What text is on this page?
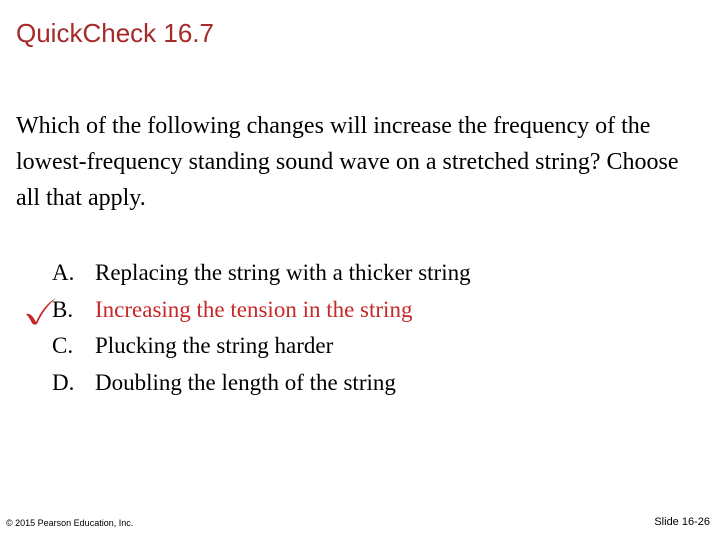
QuickCheck 16.7
Which of the following changes will increase the frequency of the lowest-frequency standing sound wave on a stretched string? Choose all that apply.
A. Replacing the string with a thicker string
B. Increasing the tension in the string
C. Plucking the string harder
D. Doubling the length of the string
© 2015 Pearson Education, Inc.	Slide 16-26
